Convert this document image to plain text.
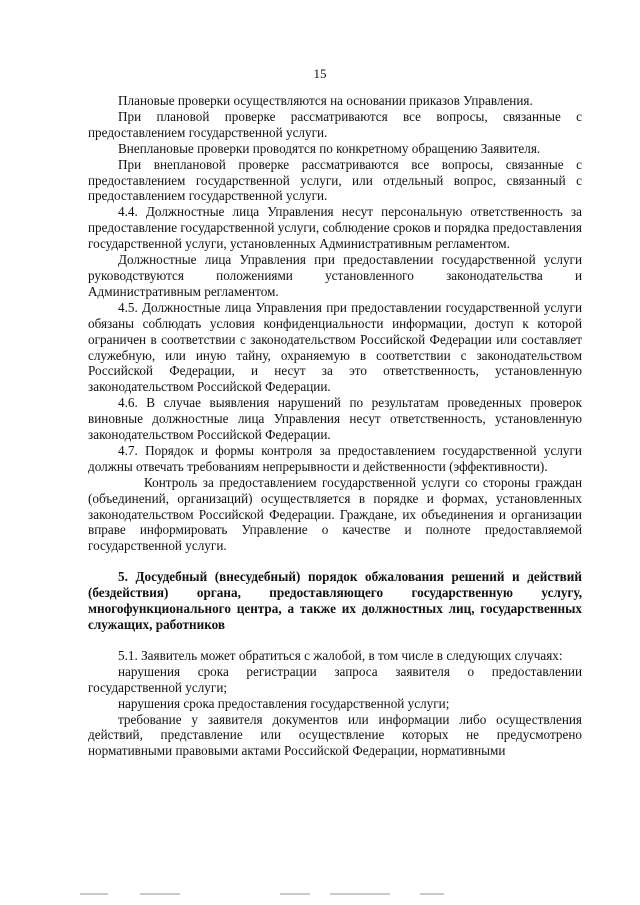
15

Плановые проверки осуществляются на основании приказов Управления.

При плановой проверке рассматриваются все вопросы, связанные с предоставлением государственной услуги.

Внеплановые проверки проводятся по конкретному обращению Заявителя.

При внеплановой проверке рассматриваются все вопросы, связанные с предоставлением государственной услуги, или отдельный вопрос, связанный с предоставлением государственной услуги.

4.4. Должностные лица Управления несут персональную ответственность за предоставление государственной услуги, соблюдение сроков и порядка предоставления государственной услуги, установленных Административным регламентом.

Должностные лица Управления при предоставлении государственной услуги руководствуются положениями установленного законодательства и Административным регламентом.

4.5. Должностные лица Управления при предоставлении государственной услуги обязаны соблюдать условия конфиденциальности информации, доступ к которой ограничен в соответствии с законодательством Российской Федерации или составляет служебную, или иную тайну, охраняемую в соответствии с законодательством Российской Федерации, и несут за это ответственность, установленную законодательством Российской Федерации.

4.6. В случае выявления нарушений по результатам проведенных проверок виновные должностные лица Управления несут ответственность, установленную законодательством Российской Федерации.

4.7. Порядок и формы контроля за предоставлением государственной услуги должны отвечать требованиям непрерывности и действенности (эффективности).

Контроль за предоставлением государственной услуги со стороны граждан (объединений, организаций) осуществляется в порядке и формах, установленных законодательством Российской Федерации. Граждане, их объединения и организации вправе информировать Управление о качестве и полноте предоставляемой государственной услуги.

5. Досудебный (внесудебный) порядок обжалования решений и действий (бездействия) органа, предоставляющего государственную услугу, многофункционального центра, а также их должностных лиц, государственных служащих, работников

5.1. Заявитель может обратиться с жалобой, в том числе в следующих случаях:

нарушения срока регистрации запроса заявителя о предоставлении государственной услуги;

нарушения срока предоставления государственной услуги;

требование у заявителя документов или информации либо осуществления действий, представление или осуществление которых не предусмотрено нормативными правовыми актами Российской Федерации, нормативными
